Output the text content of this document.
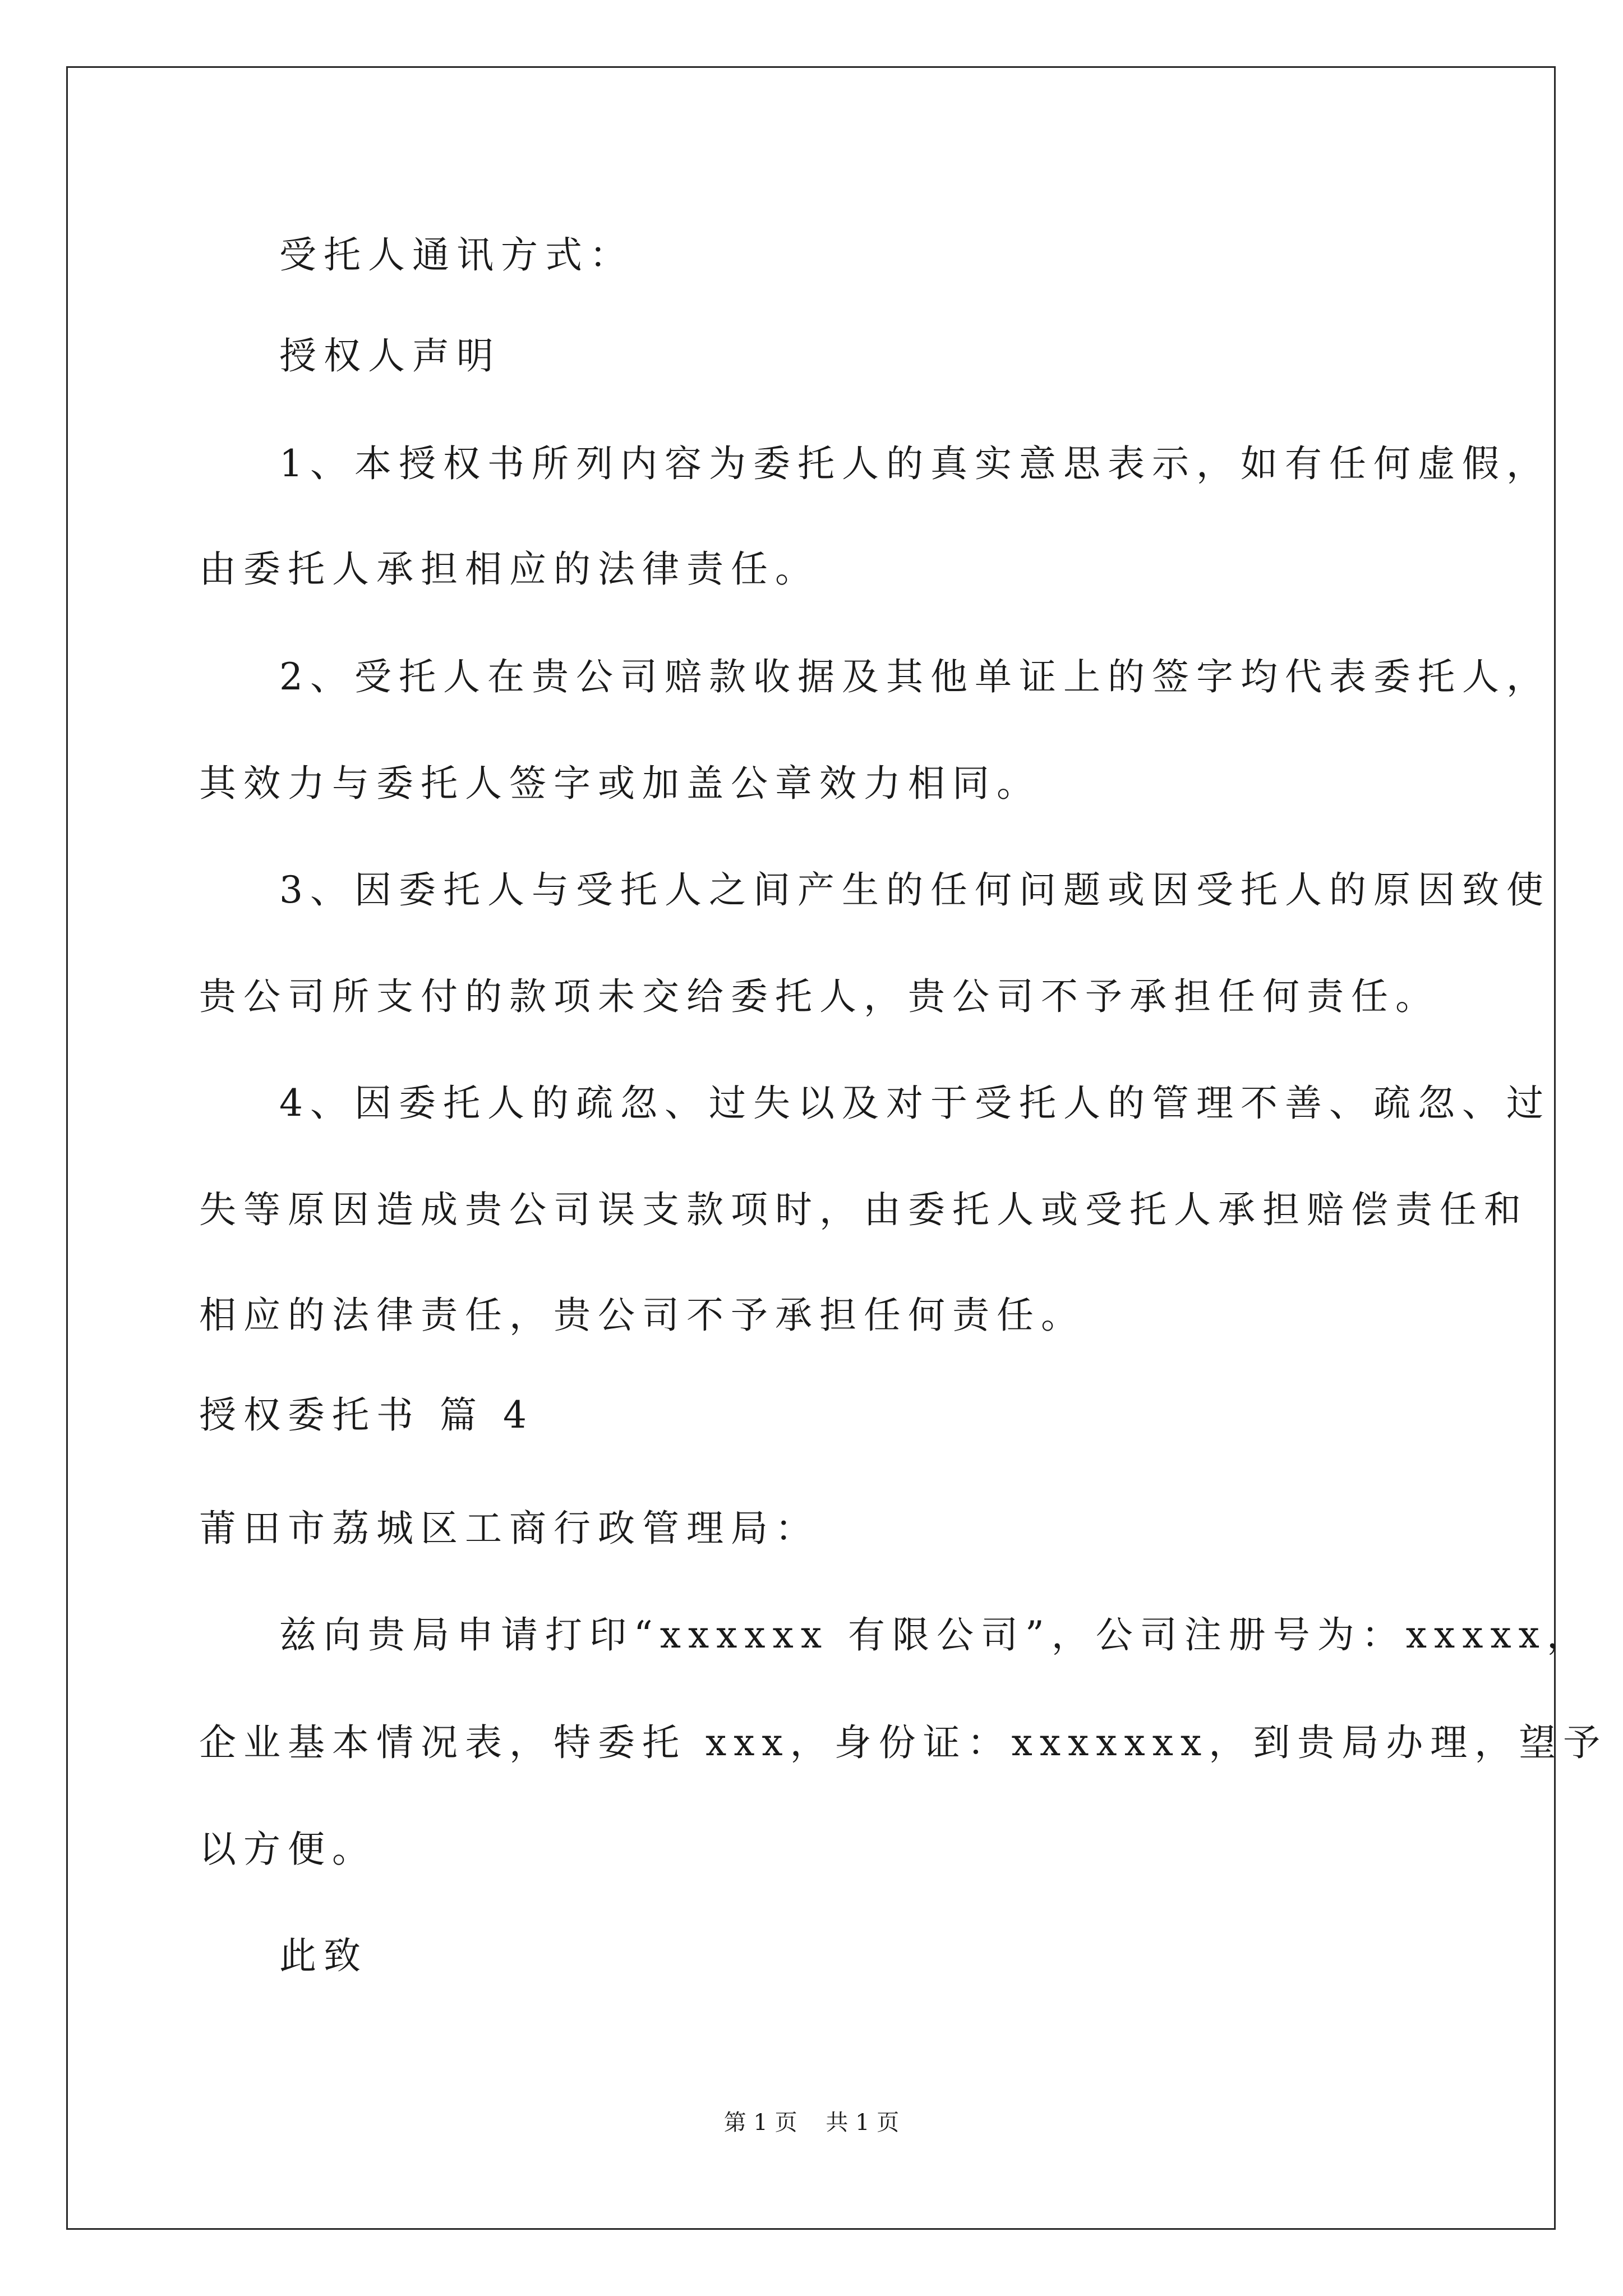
受托人通讯方式：
授权人声明
1、本授权书所列内容为委托人的真实意思表示，如有任何虚假，
由委托人承担相应的法律责任。
2、受托人在贵公司赔款收据及其他单证上的签字均代表委托人，
其效力与委托人签字或加盖公章效力相同。
3、因委托人与受托人之间产生的任何问题或因受托人的原因致使
贵公司所支付的款项未交给委托人，贵公司不予承担任何责任。
4、因委托人的疏忽、过失以及对于受托人的管理不善、疏忽、过
失等原因造成贵公司误支款项时，由委托人或受托人承担赔偿责任和
相应的法律责任，贵公司不予承担任何责任。
授权委托书 篇 4
莆田市荔城区工商行政管理局：
兹向贵局申请打印“xxxxxx 有限公司”，公司注册号为：xxxxx，
企业基本情况表，特委托 xxx，身份证：xxxxxxx，到贵局办理，望予
以方便。
此致
第 1 页    共 1 页
